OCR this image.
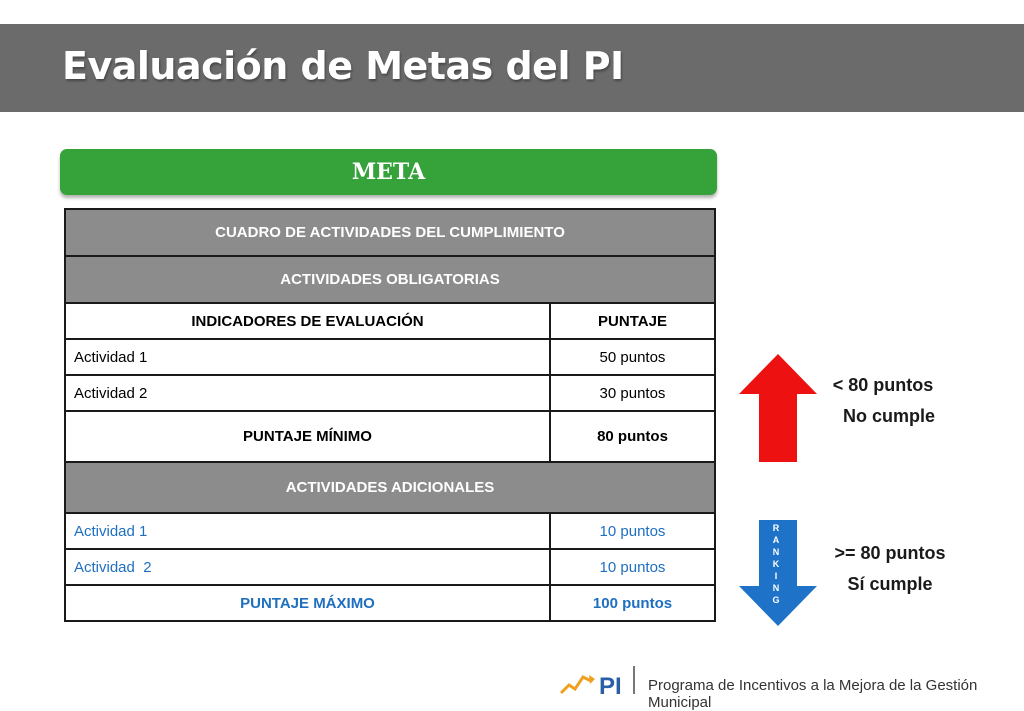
Evaluación de Metas del PI
META
CUADRO DE ACTIVIDADES DEL CUMPLIMIENTO	
ACTIVIDADES OBLIGATORIAS	
INDICADORES DE EVALUACIÓN	PUNTAJE
Actividad 1	50 puntos
Actividad 2	30 puntos
PUNTAJE MÍNIMO	80 puntos
ACTIVIDADES ADICIONALES	
Actividad 1	10 puntos
Actividad  2	10 puntos
PUNTAJE MÁXIMO	100 puntos
< 80 puntos
No cumple
R
A
N
K
I
N
G
>= 80 puntos
Sí cumple
PI Programa de Incentivos a la Mejora de la Gestión Municipal
